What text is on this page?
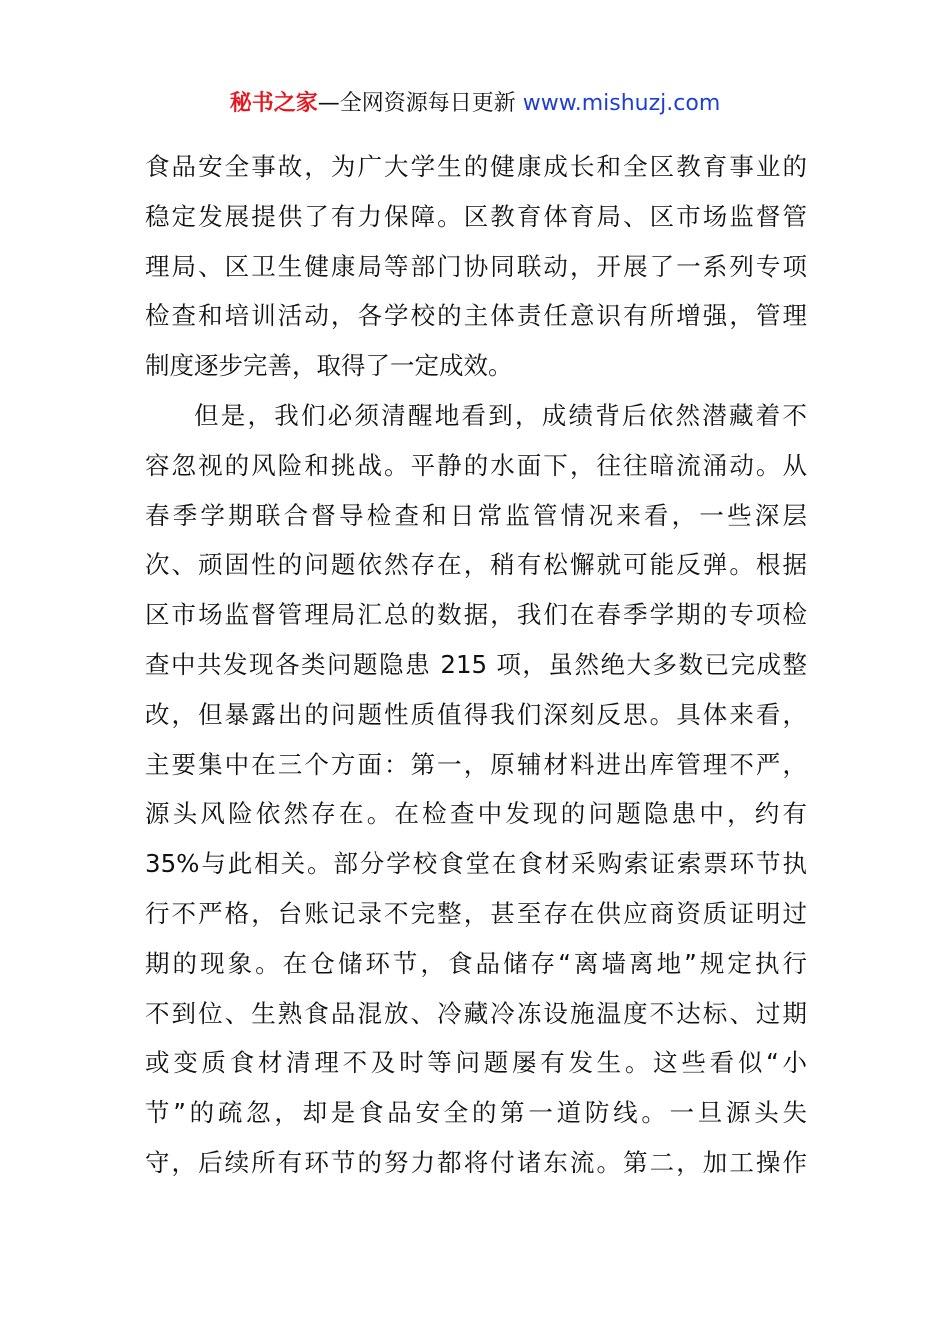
秘书之家—全网资源每日更新 www.mishuzj.com
食品安全事故，为广大学生的健康成长和全区教育事业的
稳定发展提供了有力保障。区教育体育局、区市场监督管
理局、区卫生健康局等部门协同联动，开展了一系列专项
检查和培训活动，各学校的主体责任意识有所增强，管理
制度逐步完善，取得了一定成效。
但是，我们必须清醒地看到，成绩背后依然潜藏着不
容忽视的风险和挑战。平静的水面下，往往暗流涌动。从
春季学期联合督导检查和日常监管情况来看，一些深层
次、顽固性的问题依然存在，稍有松懈就可能反弹。根据
区市场监督管理局汇总的数据，我们在春季学期的专项检
查中共发现各类问题隐患 215 项，虽然绝大多数已完成整
改，但暴露出的问题性质值得我们深刻反思。具体来看，
主要集中在三个方面：第一，原辅材料进出库管理不严，
源头风险依然存在。在检查中发现的问题隐患中，约有
35%与此相关。部分学校食堂在食材采购索证索票环节执
行不严格，台账记录不完整，甚至存在供应商资质证明过
期的现象。在仓储环节，食品储存“离墙离地”规定执行
不到位、生熟食品混放、冷藏冷冻设施温度不达标、过期
或变质食材清理不及时等问题屡有发生。这些看似“小
节”的疏忽，却是食品安全的第一道防线。一旦源头失
守，后续所有环节的努力都将付诸东流。第二，加工操作
